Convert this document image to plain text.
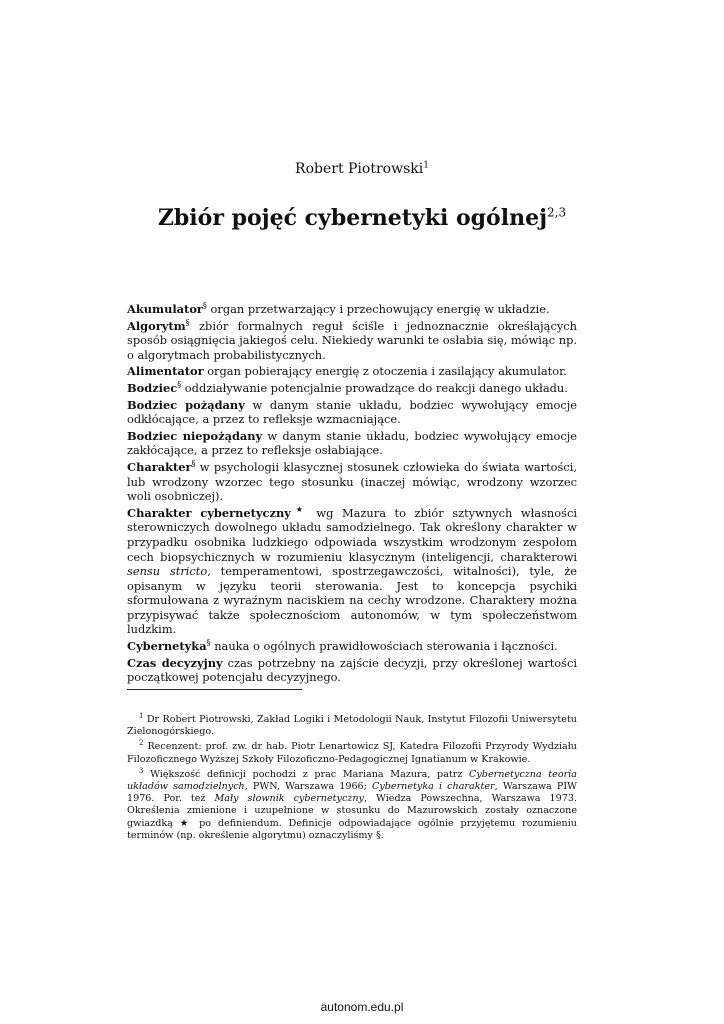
Robert Piotrowski$^1$
Zbiór pojęć cybernetyki ogólnej$^{2,3}$

Akumulator§ organ przetwarzający i przechowujący energię w układzie.

Algorytm§ zbiór formalnych reguł ściśle i jednoznacznie określających sposób osiągnięcia jakiegoś celu. Niekiedy warunki te osłabia się, mówiąc np. o algorytmach probabilistycznych.

Alimentator organ pobierający energię z otoczenia i zasilający akumulator.

Bodziec§ oddziaływanie potencjalnie prowadzące do reakcji danego układu.

Bodziec pożądany w danym stanie układu, bodziec wywołujący emocje odkłócające, a przez to refleksje wzmacniające.

Bodziec niepożądany w danym stanie układu, bodziec wywołujący emocje zakłócające, a przez to refleksje osłabiające.

Charakter§ w psychologii klasycznej stosunek człowieka do świata wartości, lub wrodzony wzorzec tego stosunku (inaczej mówiąc, wrodzony wzorzec woli osobniczej).

Charakter cybernetyczny★ wg Mazura to zbiór sztywnych własności sterowniczych dowolnego układu samodzielnego. Tak określony charakter w przypadku osobnika ludzkiego odpowiada wszystkim wrodzonym zespołom cech biopsychicznych w rozumieniu klasycznym (inteligencji, charakterowi sensu stricto, temperamentowi, spostrzegawczości, witalności), tyle, że opisanym w języku teorii sterowania. Jest to koncepcja psychiki sformułowana z wyraźnym naciskiem na cechy wrodzone. Charaktery można przypisywać także społecznościom autonomów, w tym społeczeństwom ludzkim.

Cybernetyka§ nauka o ogólnych prawidłowościach sterowania i łączności.

Czas decyzyjny czas potrzebny na zajście decyzji, przy określonej wartości początkowej potencjału decyzyjnego.

$^1$ Dr Robert Piotrowski, Zakład Logiki i Metodologii Nauk, Instytut Filozofii Uniwersytetu Zielonogórskiego.

$^2$ Recenzent: prof. zw. dr hab. Piotr Lenartowicz SJ, Katedra Filozofii Przyrody Wydziału Filozoficznego Wyższej Szkoły Filozoficzno-Pedagogicznej Ignatianum w Krakowie.

$^3$ Większość definicji pochodzi z prac Mariana Mazura, patrz Cybernetyczna teoria układów samodzielnych, PWN, Warszawa 1966; Cybernetyka i charakter, Warszawa PIW 1976. Por. też Mały słownik cybernetyczny, Wiedza Powszechna, Warszawa 1973. Określenia zmienione i uzupełnione w stosunku do Mazurowskich zostały oznaczone gwiazdką ★ po definiendum. Definicje odpowiadające ogólnie przyjętemu rozumieniu terminów (np. określenie algorytmu) oznaczyliśmy §.

autonom.edu.pl
